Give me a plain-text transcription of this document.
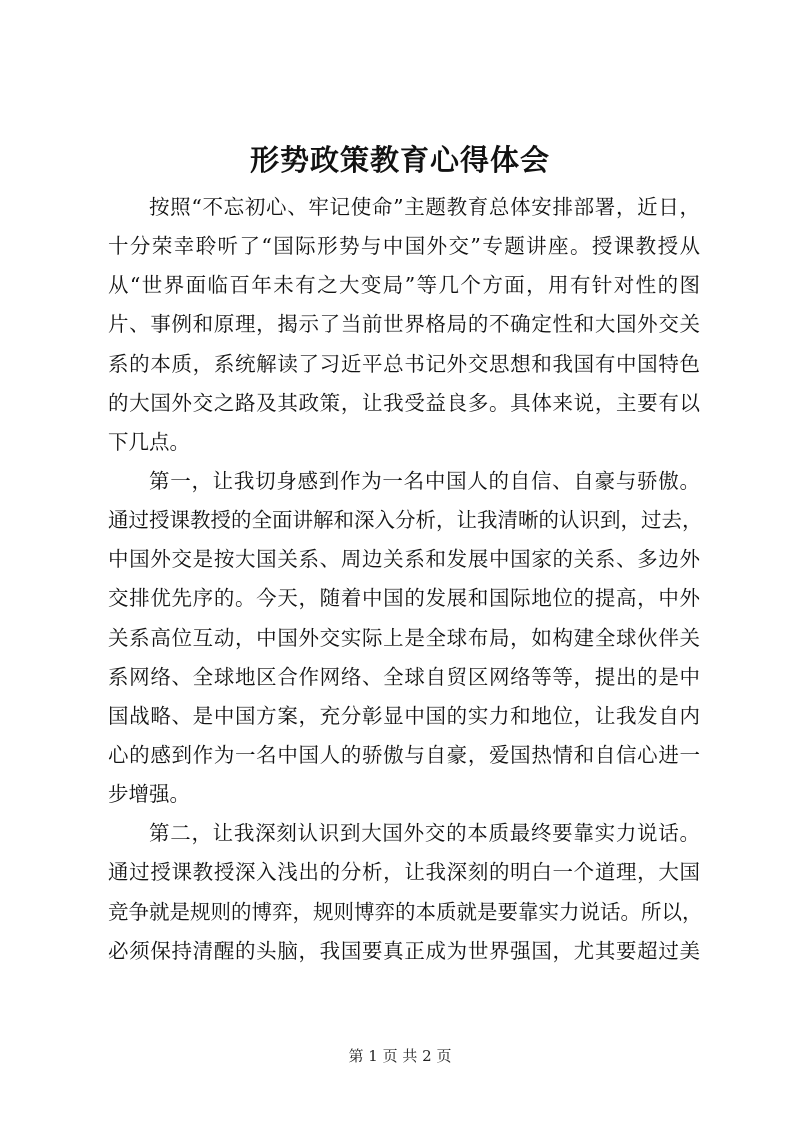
形势政策教育心得体会
按照“不忘初心、牢记使命”主题教育总体安排部署，近日，
十分荣幸聆听了“国际形势与中国外交”专题讲座。授课教授从
从“世界面临百年未有之大变局”等几个方面，用有针对性的图
片、事例和原理，揭示了当前世界格局的不确定性和大国外交关
系的本质，系统解读了习近平总书记外交思想和我国有中国特色
的大国外交之路及其政策，让我受益良多。具体来说，主要有以
下几点。
第一，让我切身感到作为一名中国人的自信、自豪与骄傲。
通过授课教授的全面讲解和深入分析，让我清晰的认识到，过去，
中国外交是按大国关系、周边关系和发展中国家的关系、多边外
交排优先序的。今天，随着中国的发展和国际地位的提高，中外
关系高位互动，中国外交实际上是全球布局，如构建全球伙伴关
系网络、全球地区合作网络、全球自贸区网络等等，提出的是中
国战略、是中国方案，充分彰显中国的实力和地位，让我发自内
心的感到作为一名中国人的骄傲与自豪，爱国热情和自信心进一
步增强。
第二，让我深刻认识到大国外交的本质最终要靠实力说话。
通过授课教授深入浅出的分析，让我深刻的明白一个道理，大国
竞争就是规则的博弈，规则博弈的本质就是要靠实力说话。所以，
必须保持清醒的头脑，我国要真正成为世界强国，尤其要超过美
第 1 页 共 2 页
